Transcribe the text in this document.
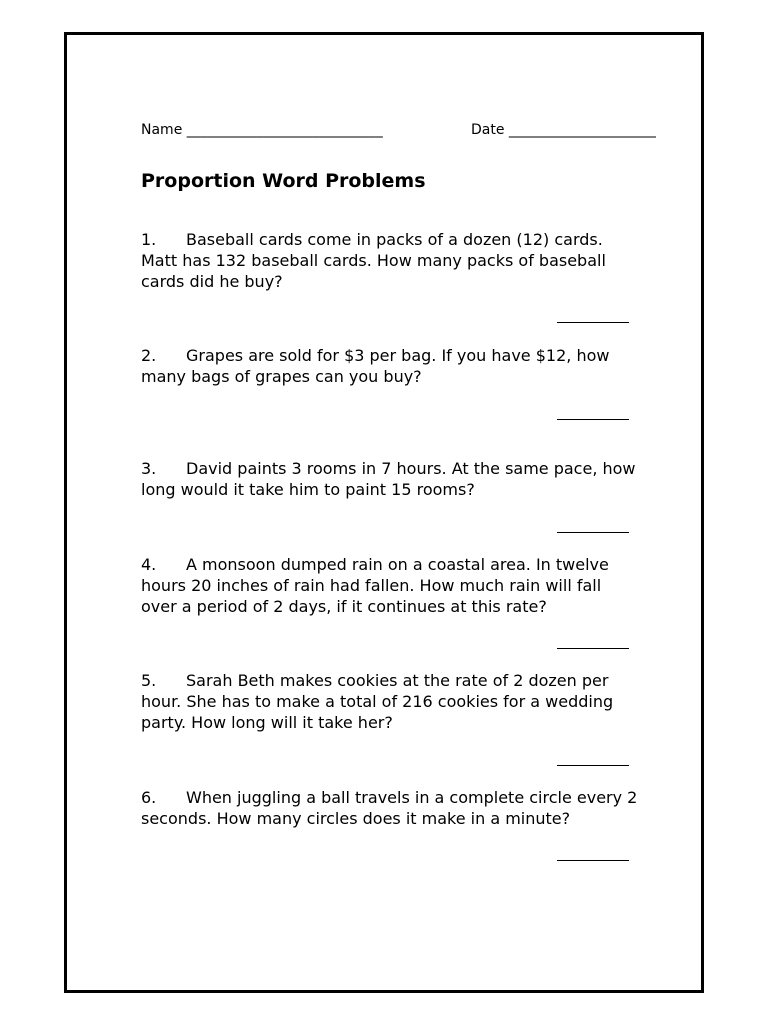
Name ____________________________	Date _____________________
Proportion Word Problems
1. Baseball cards come in packs of a dozen (12) cards. Matt has 132 baseball cards. How many packs of baseball cards did he buy?
2. Grapes are sold for $3 per bag. If you have $12, how many bags of grapes can you buy?
3. David paints 3 rooms in 7 hours. At the same pace, how long would it take him to paint 15 rooms?
4. A monsoon dumped rain on a coastal area. In twelve hours 20 inches of rain had fallen. How much rain will fall over a period of 2 days, if it continues at this rate?
5. Sarah Beth makes cookies at the rate of 2 dozen per hour. She has to make a total of 216 cookies for a wedding party. How long will it take her?
6. When juggling a ball travels in a complete circle every 2 seconds. How many circles does it make in a minute?
